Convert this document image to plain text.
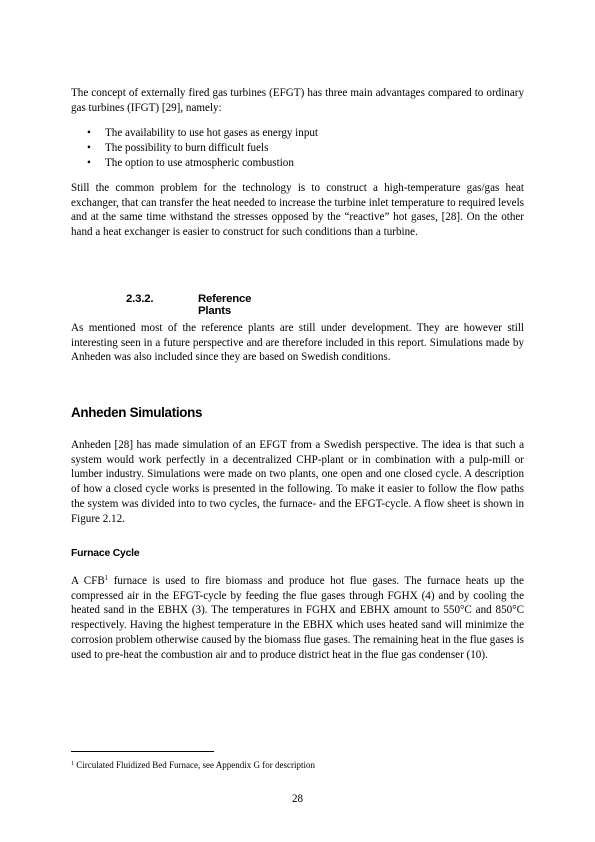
The concept of externally fired gas turbines (EFGT) has three main advantages compared to ordinary gas turbines (IFGT) [29], namely:

• The availability to use hot gases as energy input
• The possibility to burn difficult fuels
• The option to use atmospheric combustion

Still the common problem for the technology is to construct a high-temperature gas/gas heat exchanger, that can transfer the heat needed to increase the turbine inlet temperature to required levels and at the same time withstand the stresses opposed by the “reactive” hot gases, [28]. On the other hand a heat exchanger is easier to construct for such conditions than a turbine.

2.3.2.	Reference Plants

As mentioned most of the reference plants are still under development. They are however still interesting seen in a future perspective and are therefore included in this report. Simulations made by Anheden was also included since they are based on Swedish conditions.

Anheden Simulations

Anheden [28] has made simulation of an EFGT from a Swedish perspective. The idea is that such a system would work perfectly in a decentralized CHP-plant or in combination with a pulp-mill or lumber industry. Simulations were made on two plants, one open and one closed cycle. A description of how a closed cycle works is presented in the following. To make it easier to follow the flow paths the system was divided into to two cycles, the furnace- and the EFGT-cycle. A flow sheet is shown in Figure 2.12.

Furnace Cycle

A CFB$^1$ furnace is used to fire biomass and produce hot flue gases. The furnace heats up the compressed air in the EFGT-cycle by feeding the flue gases through FGHX (4) and by cooling the heated sand in the EBHX (3). The temperatures in FGHX and EBHX amount to 550°C and 850°C respectively. Having the highest temperature in the EBHX which uses heated sand will minimize the corrosion problem otherwise caused by the biomass flue gases. The remaining heat in the flue gases is used to pre-heat the combustion air and to produce district heat in the flue gas condenser (10).

$^1$ Circulated Fluidized Bed Furnace, see Appendix G for description
28
